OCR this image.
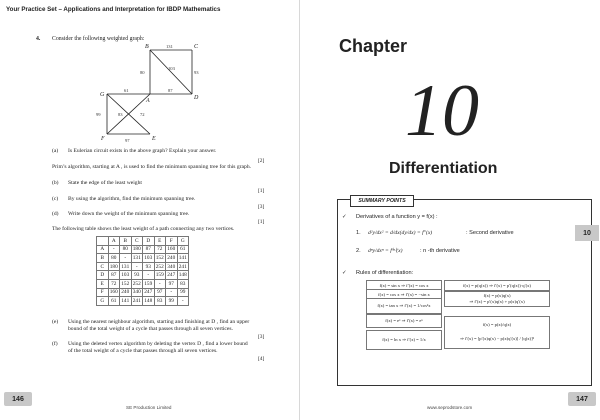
Your Practice Set – Applications and Interpretation for IBDP Mathematics
4. Consider the following weighted graph:
B	C
G
A	D
F	E
131
80
103
93
61	87
99	83	72
97
(a) Is Eulerian circuit exists in the above graph? Explain your answer.
[2]
Prim’s algorithm, starting at A , is used to find the minimum spanning tree for this graph.
(b) State the edge of the least weight
[1]
(c) By using the algorithm, find the minimum spanning tree.
[3]
(d) Write down the weight of the minimum spanning tree.
[1]
The following table shows the least weight of a path connecting any two vertices.
	A	B	C	D	E	F	G
A	-	80	180	87	72	160	61
B	80	-	131	103	152	240	141
C	180	131	-	93	252	340	241
D	87	103	93	-	159	247	148
E	72	152	252	159	-	97	83
F	160	240	340	247	97	-	99
G	61	141	241	148	83	99	-
(e) Using the nearest neighbour algorithm, starting and finishing at D , find an upper
bound of the total weight of a cycle that passes through all seven vertices.
[3]
(f) Using the deleted vertex algorithm by deleting the vertex D , find a lower bound
of the total weight of a cycle that passes through all seven vertices.
[4]
146
SE Production Limited
Chapter
10
Differentiation
SUMMARY POINTS
10
✓ Derivatives of a function y = f(x) :
1. d²y/dx² = d/dx(dy/dx) = f″(x)	: Second derivative
2. dⁿy/dxⁿ = f⁽ⁿ⁾(x)	: n -th derivative
✓ Rules of differentiation:
f(x) = sin x ⇒ f′(x) = cos x
f(x) = cos x ⇒ f′(x) = −sin x
f(x) = tan x ⇒ f′(x) = 1/cos²x
f(x) = eˣ ⇒ f′(x) = eˣ
f(x) = ln x ⇒ f′(x) = 1/x
f(x) = p(q(x)) ⇒ f′(x) = p′(q(x))·q′(x)
f(x) = p(x)q(x)
⇒ f′(x) = p′(x)q(x) + p(x)q′(x)
f(x) = p(x)/q(x)
⇒ f′(x) = [p′(x)q(x) − p(x)q′(x)] / [q(x)]²
147
www.seprodstore.com
